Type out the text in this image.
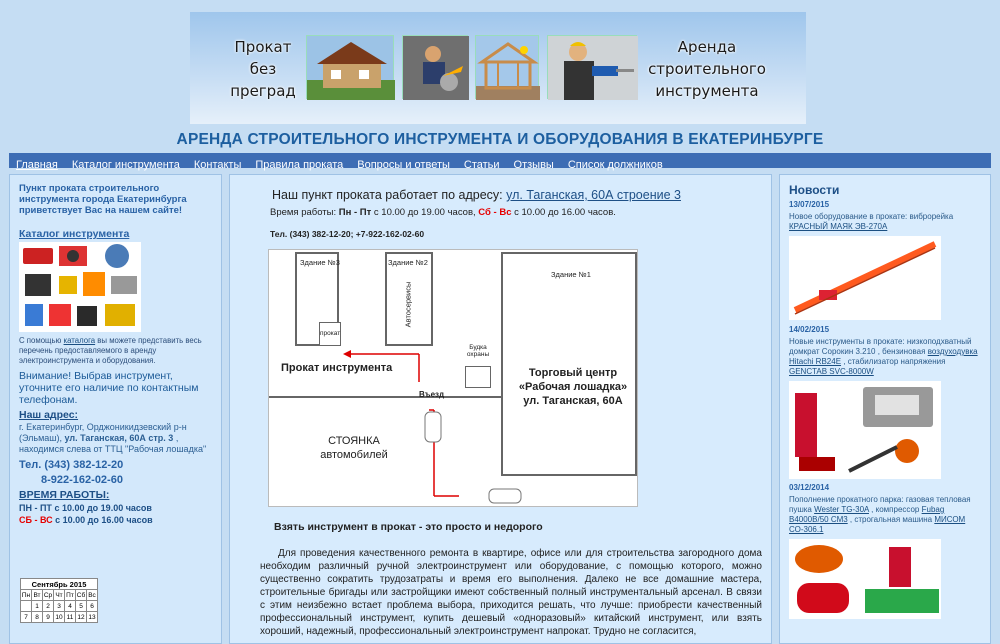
Прокат
без
преград
Аренда
строительного
инструмента
АРЕНДА СТРОИТЕЛЬНОГО ИНСТРУМЕНТА И ОБОРУДОВАНИЯ В ЕКАТЕРИНБУРГЕ
Главная Каталог инструмента Контакты Правила проката Вопросы и ответы Статьи Отзывы Список должников
Пункт проката строительного инструмента города Екатеринбурга приветствует Вас на нашем сайте!
Каталог инструмента
С помощью каталога вы можете представить весь перечень предоставляемого в аренду электроинструмента и оборудования.
Внимание! Выбрав инструмент, уточните его наличие по контактным телефонам.
Наш адрес:
г. Екатеринбург, Орджоникидзевский р-н (Эльмаш), ул. Таганская, 60А стр. 3 , находимся слева от ТТЦ "Рабочая лошадка"
Тел. (343) 382-12-20
8-922-162-02-60
ВРЕМЯ РАБОТЫ:
ПН - ПТ с 10.00 до 19.00 часов
СБ - ВС с 10.00 до 16.00 часов
Сентябрь 2015						
Пн	Вт	Ср	Чт	Пт	Сб	Вс
	1	2	3	4	5	6
7	8	9	10	11	12	13
Наш пункт проката работает по адресу: ул. Таганская, 60А строение 3
Время работы: Пн - Пт с 10.00 до 19.00 часов, Сб - Вс с 10.00 до 16.00 часов.
Тел. (343) 382-12-20; +7-922-162-02-60
Здание №3
прокат
Здание №2
Автосервисы
Здание №1
Будка охраны
Прокат инструмента
Въезд
Торговый центр
«Рабочая лошадка»
ул. Таганская, 60А
СТОЯНКА
автомобилей
Взять инструмент в прокат - это просто и недорого
Для проведения качественного ремонта в квартире, офисе или для строительства загородного дома необходим различный ручной электроинструмент или оборудование, с помощью которого, можно существенно сократить трудозатраты и время его выполнения. Далеко не все домашние мастера, строительные бригады или застройщики имеют собственный полный инструментальный арсенал. В связи с этим неизбежно встает проблема выбора, приходится решать, что лучше: приобрести качественный профессиональный инструмент, купить дешевый «одноразовый» китайский инструмент, или взять хороший, надежный, профессиональный электроинструмент напрокат. Трудно не согласится,
Новости
13/07/2015
Новое оборудование в прокате: виброрейка КРАСНЫЙ МАЯК ЭВ-270А
14/02/2015
Новые инструменты в прокате: низкоподхватный домкрат Сорокин 3.210 , бензиновая воздуходувка Hitachi RB24E , стабилизатор напряжения GENCTAB SVC-8000W
03/12/2014
Пополнение прокатного парка: газовая тепловая пушка Wester TG-30A , компрессор Fubag B4000B/50 CM3 , строгальная машина МИСОМ СО-306.1
